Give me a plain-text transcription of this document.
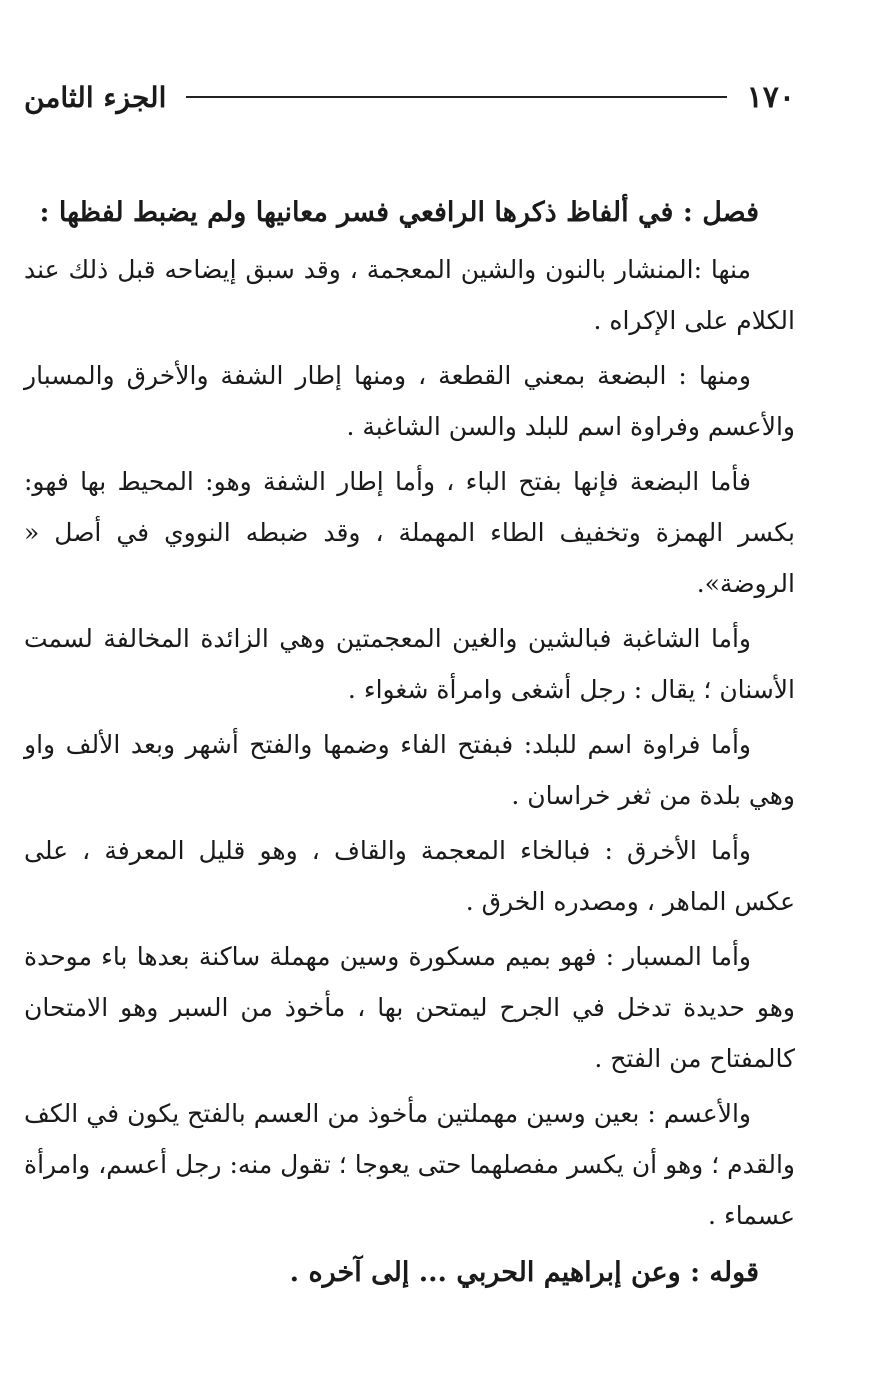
١٧٠
الجزء الثامن

فصل : في ألفاظ ذكرها الرافعي فسر معانيها ولم يضبط لفظها :

منها :المنشار بالنون والشين المعجمة ، وقد سبق إيضاحه قبل ذلك عند الكلام على الإكراه .

ومنها : البضعة بمعني القطعة ، ومنها إطار الشفة والأخرق والمسبار والأعسم وفراوة اسم للبلد والسن الشاغبة .

فأما البضعة فإنها بفتح الباء ، وأما إطار الشفة وهو: المحيط بها فهو: بكسر الهمزة وتخفيف الطاء المهملة ، وقد ضبطه النووي في أصل « الروضة».

وأما الشاغبة فبالشين والغين المعجمتين وهي الزائدة المخالفة لسمت الأسنان ؛ يقال : رجل أشغى وامرأة شغواء .

وأما فراوة اسم للبلد: فبفتح الفاء وضمها والفتح أشهر وبعد الألف واو وهي بلدة من ثغر خراسان .

وأما الأخرق : فبالخاء المعجمة والقاف ، وهو قليل المعرفة ، على عكس الماهر ، ومصدره الخرق .

وأما المسبار : فهو بميم مسكورة وسين مهملة ساكنة بعدها باء موحدة وهو حديدة تدخل في الجرح ليمتحن بها ، مأخوذ من السبر وهو الامتحان كالمفتاح من الفتح .

والأعسم : بعين وسين مهملتين مأخوذ من العسم بالفتح يكون في الكف والقدم ؛ وهو أن يكسر مفصلهما حتى يعوجا ؛ تقول منه: رجل أعسم، وامرأة عسماء .

قوله : وعن إبراهيم الحربي ... إلى آخره .
